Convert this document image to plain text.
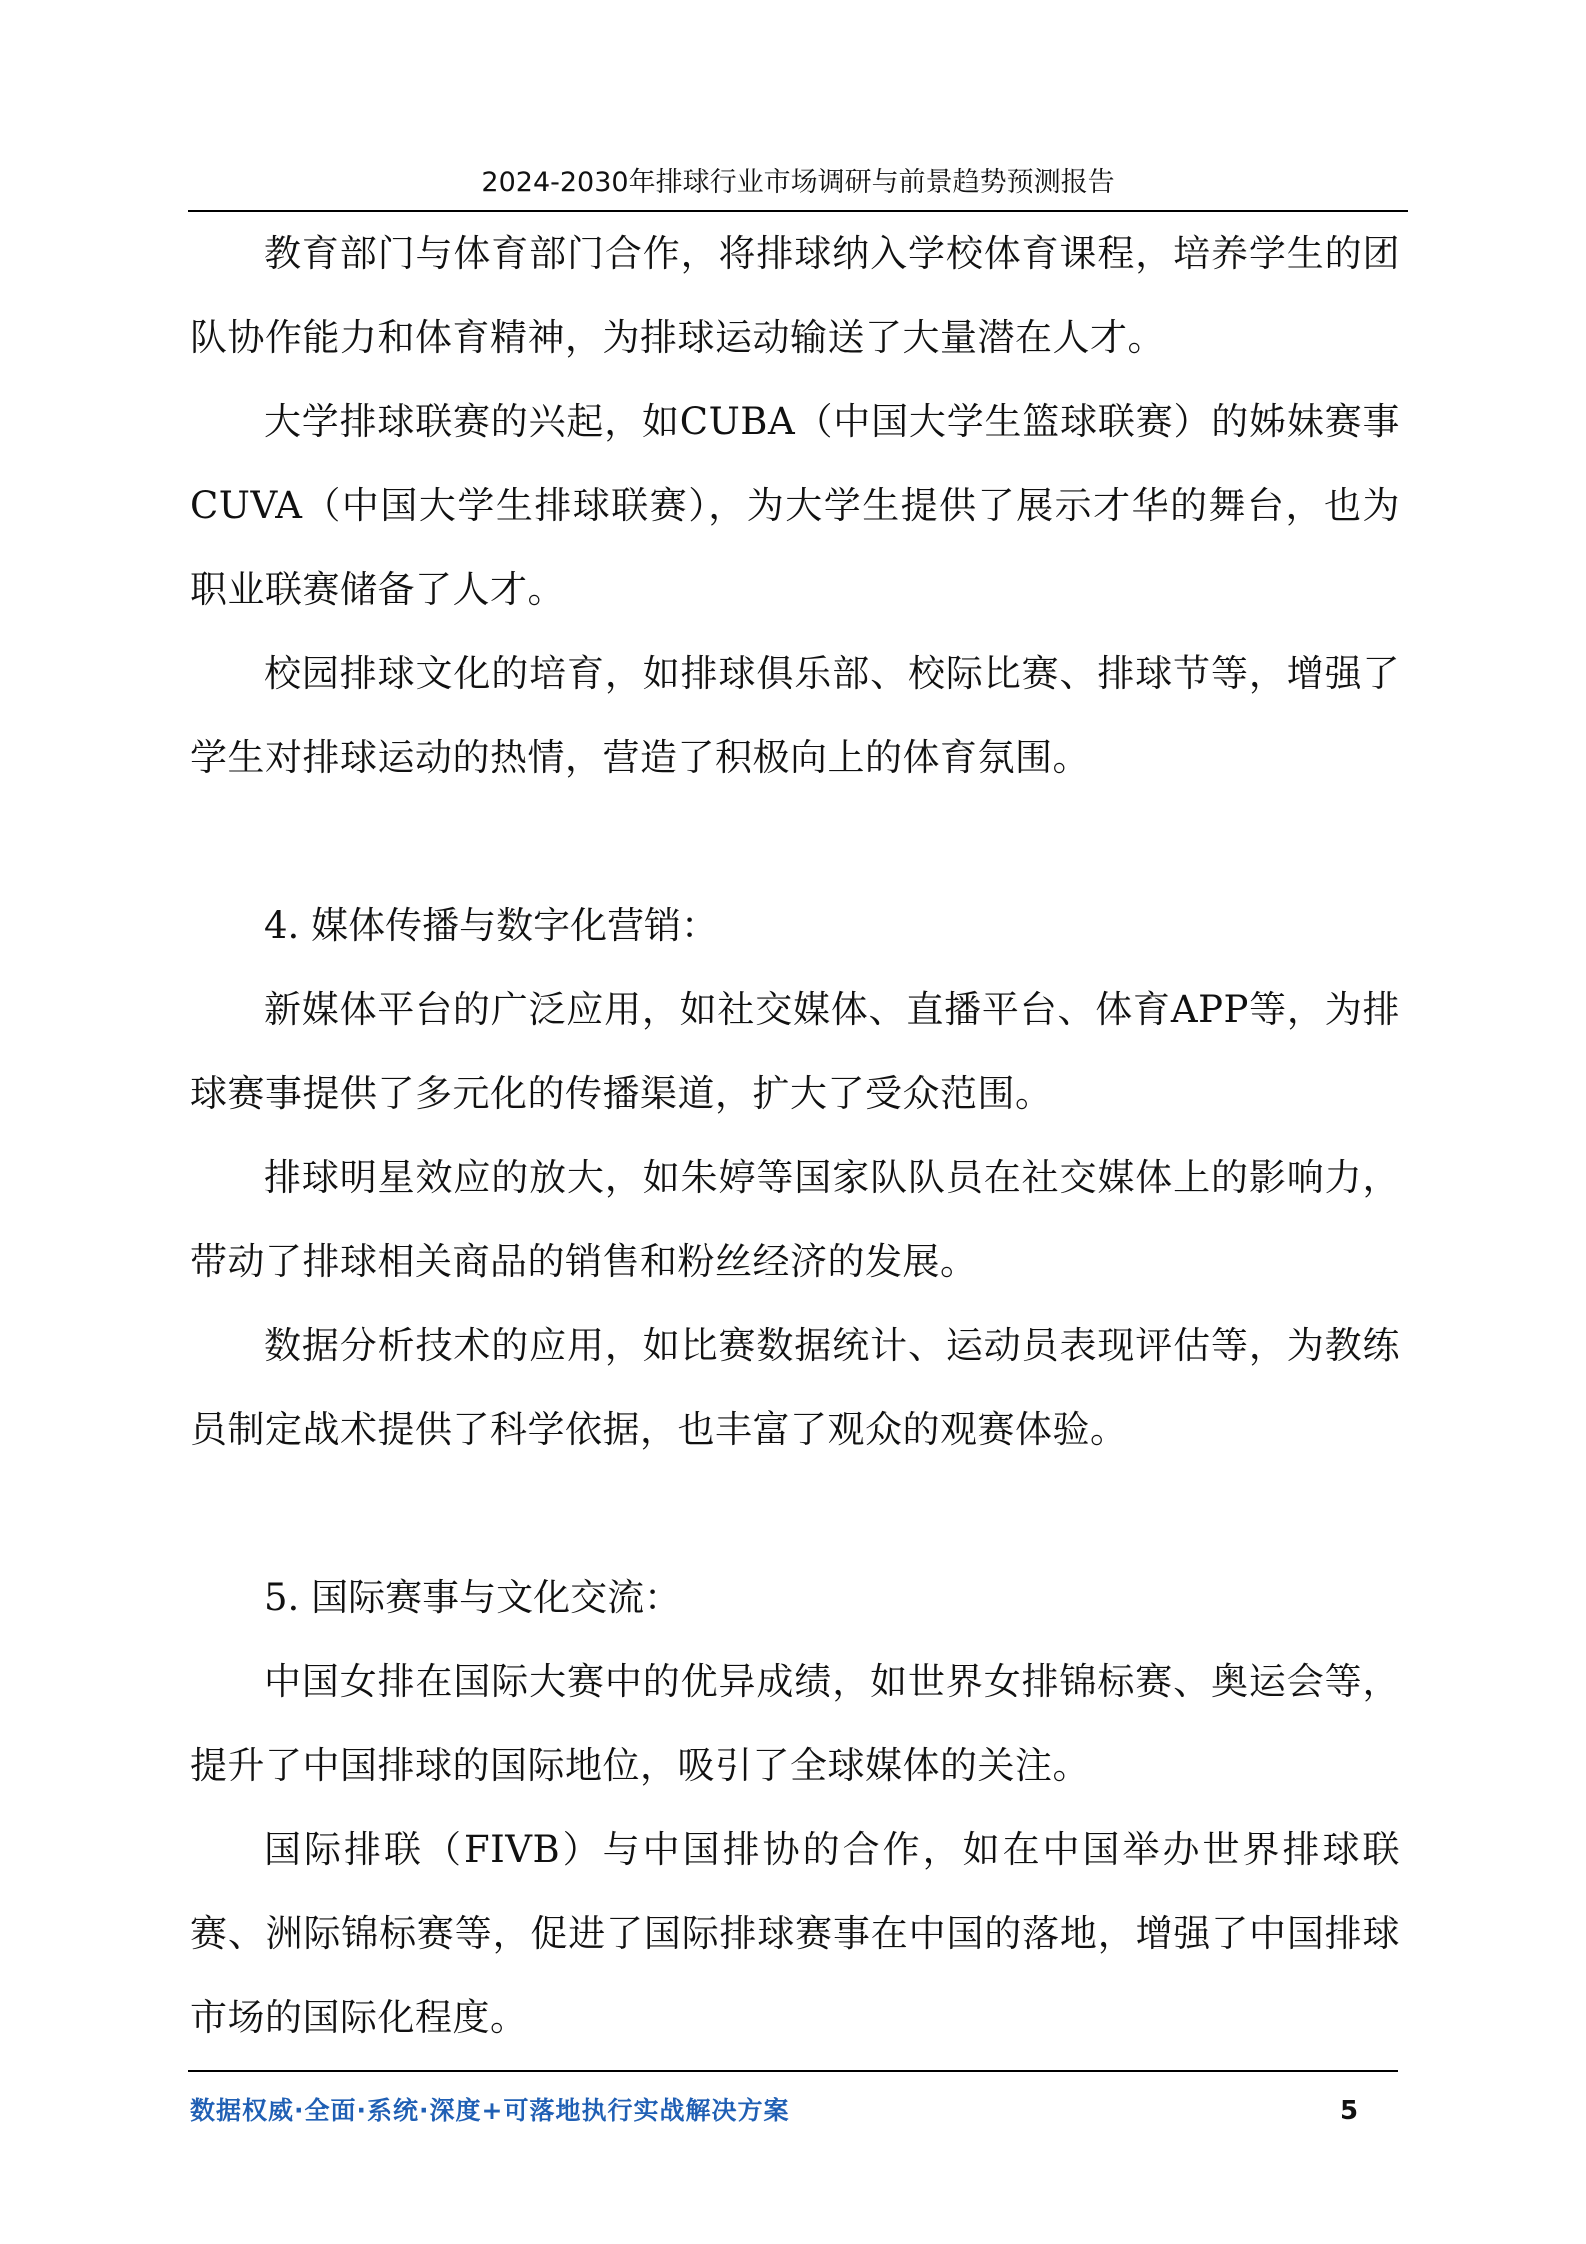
2024-2030年排球行业市场调研与前景趋势预测报告

教育部门与体育部门合作，将排球纳入学校体育课程，培养学生的团队协作能力和体育精神，为排球运动输送了大量潜在人才。

大学排球联赛的兴起，如CUBA（中国大学生篮球联赛）的姊妹赛事CUVA（中国大学生排球联赛），为大学生提供了展示才华的舞台，也为职业联赛储备了人才。

校园排球文化的培育，如排球俱乐部、校际比赛、排球节等，增强了学生对排球运动的热情，营造了积极向上的体育氛围。

4. 媒体传播与数字化营销：

新媒体平台的广泛应用，如社交媒体、直播平台、体育APP等，为排球赛事提供了多元化的传播渠道，扩大了受众范围。

排球明星效应的放大，如朱婷等国家队队员在社交媒体上的影响力，带动了排球相关商品的销售和粉丝经济的发展。

数据分析技术的应用，如比赛数据统计、运动员表现评估等，为教练员制定战术提供了科学依据，也丰富了观众的观赛体验。

5. 国际赛事与文化交流：

中国女排在国际大赛中的优异成绩，如世界女排锦标赛、奥运会等，提升了中国排球的国际地位，吸引了全球媒体的关注。

国际排联（FIVB）与中国排协的合作，如在中国举办世界排球联赛、洲际锦标赛等，促进了国际排球赛事在中国的落地，增强了中国排球市场的国际化程度。

数据权威·全面·系统·深度+可落地执行实战解决方案	5
